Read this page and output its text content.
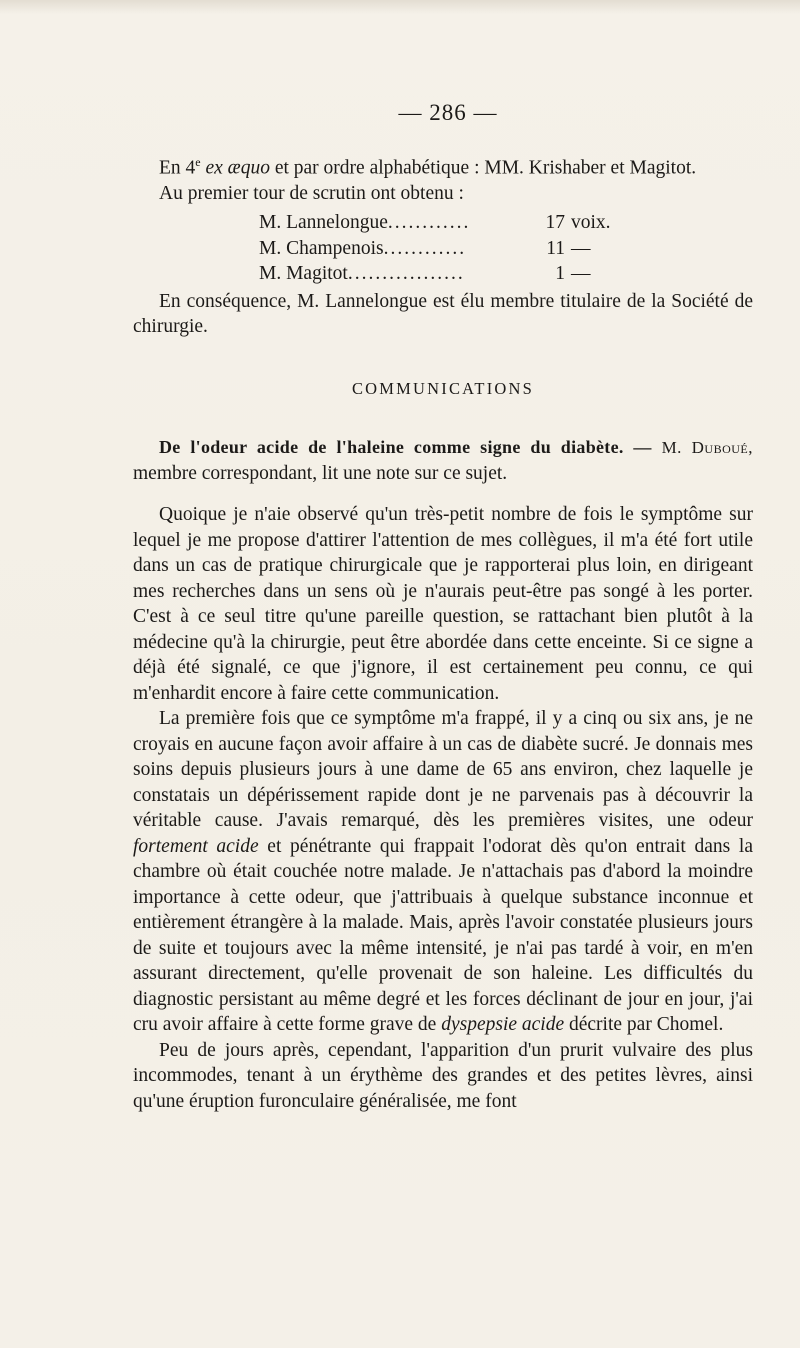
— 286 —

En 4e ex æquo et par ordre alphabétique : MM. Krishaber et Magitot.

Au premier tour de scrutin ont obtenu :

M. Lannelongue ............	17 voix.
M. Champenois ............	11 —
M. Magitot .................	1 —

En conséquence, M. Lannelongue est élu membre titulaire de la Société de chirurgie.

COMMUNICATIONS

De l'odeur acide de l'haleine comme signe du diabète. — M. Duboué, membre correspondant, lit une note sur ce sujet.

Quoique je n'aie observé qu'un très-petit nombre de fois le symptôme sur lequel je me propose d'attirer l'attention de mes collègues, il m'a été fort utile dans un cas de pratique chirurgicale que je rapporterai plus loin, en dirigeant mes recherches dans un sens où je n'aurais peut-être pas songé à les porter. C'est à ce seul titre qu'une pareille question, se rattachant bien plutôt à la médecine qu'à la chirurgie, peut être abordée dans cette enceinte. Si ce signe a déjà été signalé, ce que j'ignore, il est certainement peu connu, ce qui m'enhardit encore à faire cette communication.

La première fois que ce symptôme m'a frappé, il y a cinq ou six ans, je ne croyais en aucune façon avoir affaire à un cas de diabète sucré. Je donnais mes soins depuis plusieurs jours à une dame de 65 ans environ, chez laquelle je constatais un dépérissement rapide dont je ne parvenais pas à découvrir la véritable cause. J'avais remarqué, dès les premières visites, une odeur fortement acide et pénétrante qui frappait l'odorat dès qu'on entrait dans la chambre où était couchée notre malade. Je n'attachais pas d'abord la moindre importance à cette odeur, que j'attribuais à quelque substance inconnue et entièrement étrangère à la malade. Mais, après l'avoir constatée plusieurs jours de suite et toujours avec la même intensité, je n'ai pas tardé à voir, en m'en assurant directement, qu'elle provenait de son haleine. Les difficultés du diagnostic persistant au même degré et les forces déclinant de jour en jour, j'ai cru avoir affaire à cette forme grave de dyspepsie acide décrite par Chomel.

Peu de jours après, cependant, l'apparition d'un prurit vulvaire des plus incommodes, tenant à un érythème des grandes et des petites lèvres, ainsi qu'une éruption furonculaire généralisée, me font
